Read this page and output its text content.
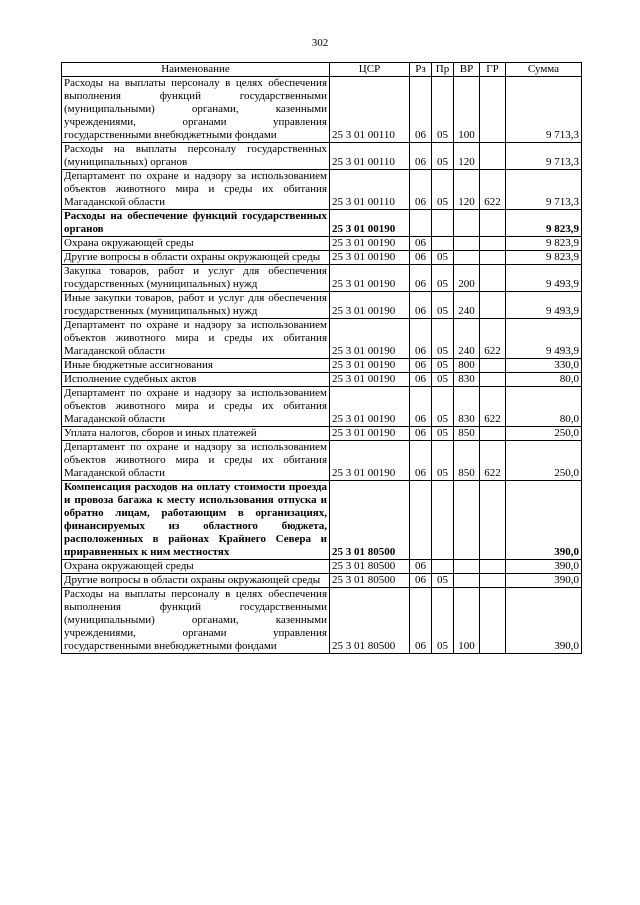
302
Наименование	ЦСР	Рз	Пр	ВР	ГР	Сумма
Расходы на выплаты персоналу в целях обеспечения выполнения функций государственными (муниципальными) органами, казенными учреждениями, органами управления государственными внебюджетными фондами	25 3 01 00110	06	05	100		9 713,3
Расходы на выплаты персоналу государственных (муниципальных) органов	25 3 01 00110	06	05	120		9 713,3
Департамент по охране и надзору за использованием объектов животного мира и среды их обитания Магаданской области	25 3 01 00110	06	05	120	622	9 713,3
Расходы на обеспечение функций государственных органов	25 3 01 00190					9 823,9
Охрана окружающей среды	25 3 01 00190	06				9 823,9
Другие вопросы в области охраны окружающей среды	25 3 01 00190	06	05			9 823,9
Закупка товаров, работ и услуг для обеспечения государственных (муниципальных) нужд	25 3 01 00190	06	05	200		9 493,9
Иные закупки товаров, работ и услуг для обеспечения государственных (муниципальных) нужд	25 3 01 00190	06	05	240		9 493,9
Департамент по охране и надзору за использованием объектов животного мира и среды их обитания Магаданской области	25 3 01 00190	06	05	240	622	9 493,9
Иные бюджетные ассигнования	25 3 01 00190	06	05	800		330,0
Исполнение судебных актов	25 3 01 00190	06	05	830		80,0
Департамент по охране и надзору за использованием объектов животного мира и среды их обитания Магаданской области	25 3 01 00190	06	05	830	622	80,0
Уплата налогов, сборов и иных платежей	25 3 01 00190	06	05	850		250,0
Департамент по охране и надзору за использованием объектов животного мира и среды их обитания Магаданской области	25 3 01 00190	06	05	850	622	250,0
Компенсация расходов на оплату стоимости проезда и провоза багажа к месту использования отпуска и обратно лицам, работающим в организациях, финансируемых из областного бюджета, расположенных в районах Крайнего Севера и приравненных к ним местностях	25 3 01 80500					390,0
Охрана окружающей среды	25 3 01 80500	06				390,0
Другие вопросы в области охраны окружающей среды	25 3 01 80500	06	05			390,0
Расходы на выплаты персоналу в целях обеспечения выполнения функций государственными (муниципальными) органами, казенными учреждениями, органами управления государственными внебюджетными фондами	25 3 01 80500	06	05	100		390,0
